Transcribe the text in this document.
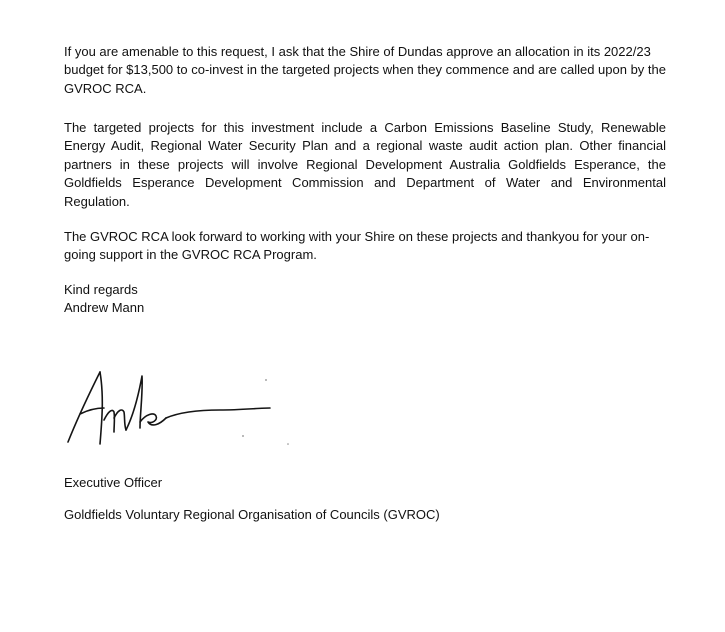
If you are amenable to this request, I ask that the Shire of Dundas approve an allocation in its 2022/23 budget for $13,500 to co-invest in the targeted projects when they commence and are called upon by the GVROC RCA.

The targeted projects for this investment include a Carbon Emissions Baseline Study, Renewable Energy Audit, Regional Water Security Plan and a regional waste audit action plan. Other financial partners in these projects will involve Regional Development Australia Goldfields Esperance, the Goldfields Esperance Development Commission and Department of Water and Environmental Regulation.

The GVROC RCA look forward to working with your Shire on these projects and thankyou for your on-going support in the GVROC RCA Program.

Kind regards
Andrew Mann
Executive Officer
Goldfields Voluntary Regional Organisation of Councils (GVROC)
